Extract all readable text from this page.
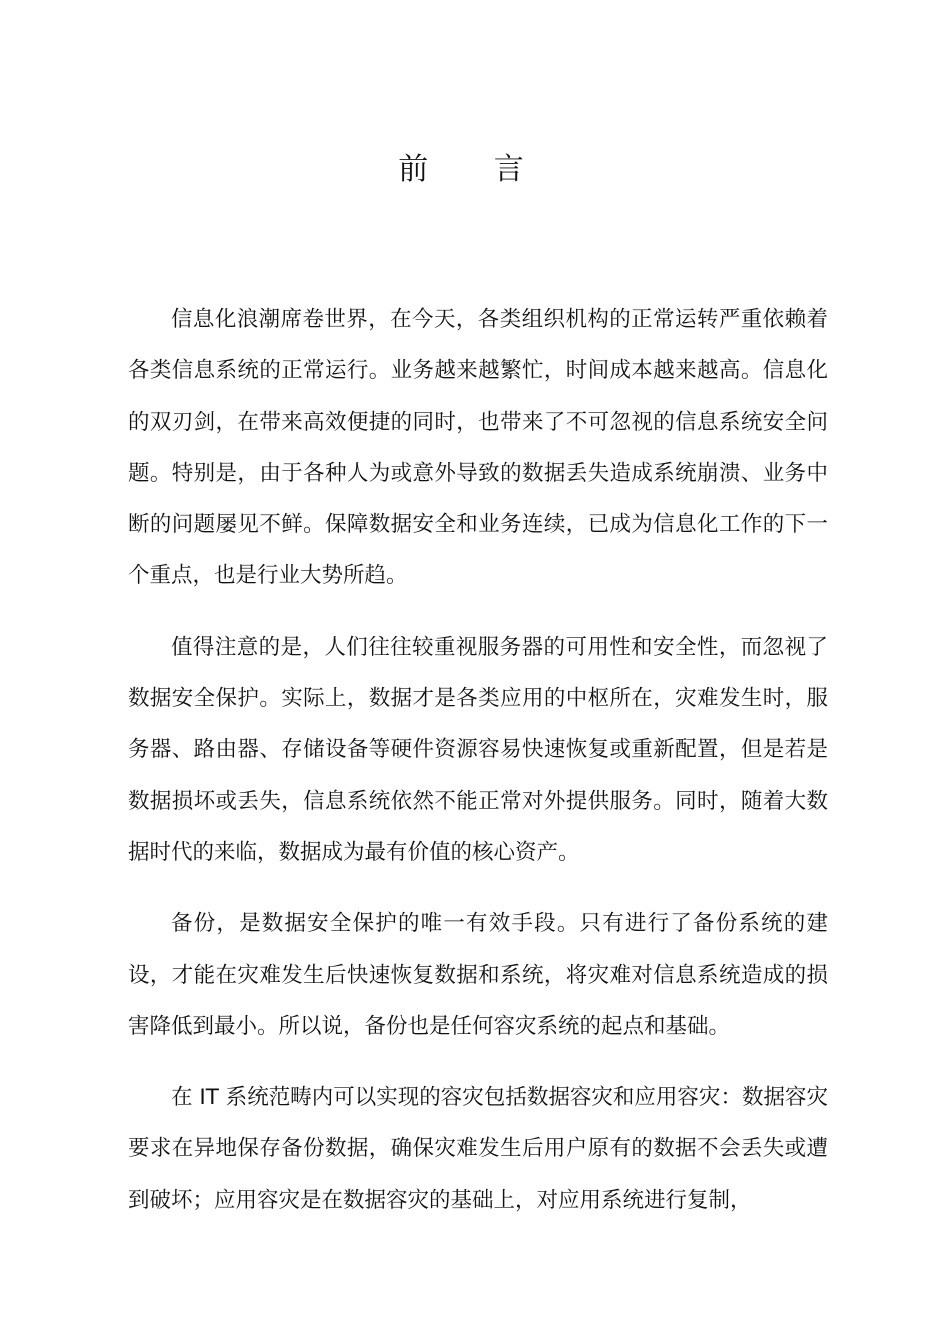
前 言

信息化浪潮席卷世界，在今天，各类组织机构的正常运转严重依赖着各类信息系统的正常运行。业务越来越繁忙，时间成本越来越高。信息化的双刃剑，在带来高效便捷的同时，也带来了不可忽视的信息系统安全问题。特别是，由于各种人为或意外导致的数据丢失造成系统崩溃、业务中断的问题屡见不鲜。保障数据安全和业务连续，已成为信息化工作的下一个重点，也是行业大势所趋。

值得注意的是，人们往往较重视服务器的可用性和安全性，而忽视了数据安全保护。实际上，数据才是各类应用的中枢所在，灾难发生时，服务器、路由器、存储设备等硬件资源容易快速恢复或重新配置，但是若是数据损坏或丢失，信息系统依然不能正常对外提供服务。同时，随着大数据时代的来临，数据成为最有价值的核心资产。

备份，是数据安全保护的唯一有效手段。只有进行了备份系统的建设，才能在灾难发生后快速恢复数据和系统，将灾难对信息系统造成的损害降低到最小。所以说，备份也是任何容灾系统的起点和基础。

在 IT 系统范畴内可以实现的容灾包括数据容灾和应用容灾：数据容灾要求在异地保存备份数据，确保灾难发生后用户原有的数据不会丢失或遭到破坏；应用容灾是在数据容灾的基础上，对应用系统进行复制，
